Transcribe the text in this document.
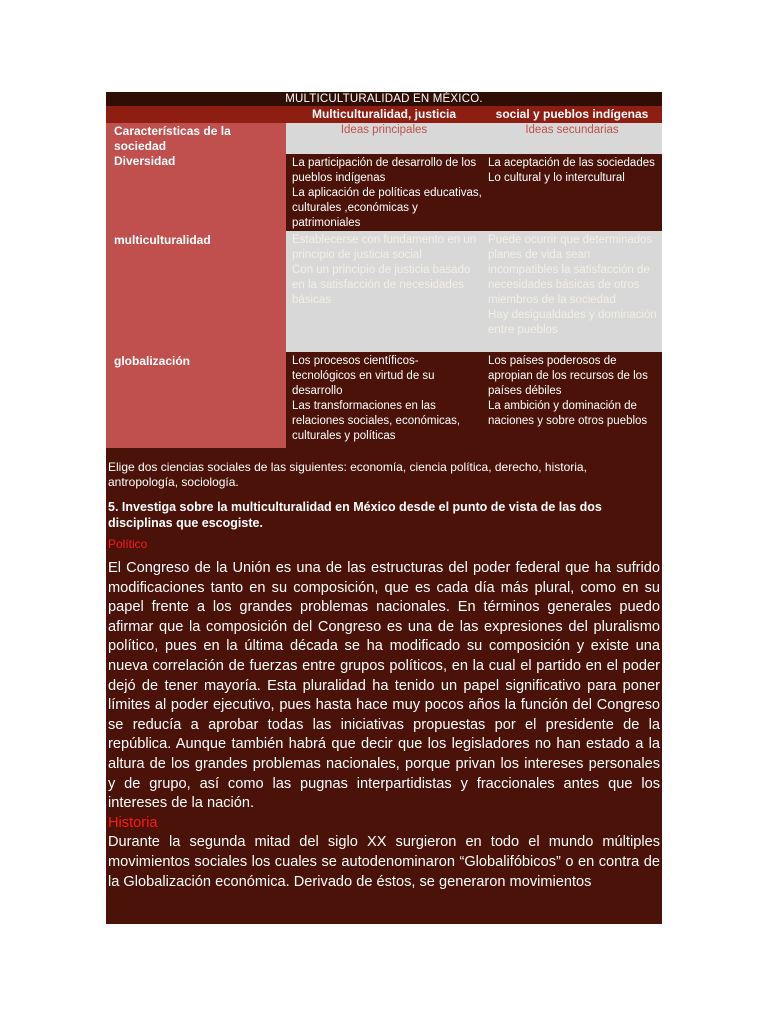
MULTICULTURALIDAD EN MÉXICO.
Multiculturalidad, justicia	social y pueblos indígenas
Características de la sociedad
Diversidad
multiculturalidad
globalización
Ideas principales	Ideas secundarias
La participación de desarrollo de los pueblos indígenas
La aplicación de políticas educativas, culturales ,económicas y patrimoniales
La aceptación de las sociedades
Lo cultural y lo intercultural
Establecerse con fundamento en un principio de justicia social
Con un principio de justicia basado en la satisfacción de necesidades básicas
Puede ocurrir que determinados planes de vida sean incompatibles la satisfacción de necesidades básicas de otros miembros de la sociedad
Hay desigualdades y dominación entre pueblos
Los procesos científicos-tecnológicos en virtud de su desarrollo
Las transformaciones en las relaciones sociales, económicas, culturales y políticas
Los países poderosos de apropian de los recursos de los países débiles
La ambición y dominación de naciones y sobre otros pueblos
Elige dos ciencias sociales de las siguientes: economía, ciencia política, derecho, historia, antropología, sociología.
5. Investiga sobre la multiculturalidad en México desde el punto de vista de las dos disciplinas que escogiste.
Político
El Congreso de la Unión es una de las estructuras del poder federal que ha sufrido modificaciones tanto en su composición, que es cada día más plural, como en su papel frente a los grandes problemas nacionales. En términos generales puedo afirmar que la composición del Congreso es una de las expresiones del pluralismo político, pues en la última década se ha modificado su composición y existe una nueva correlación de fuerzas entre grupos políticos, en la cual el partido en el poder dejó de tener mayoría. Esta pluralidad ha tenido un papel significativo para poner límites al poder ejecutivo, pues hasta hace muy pocos años la función del Congreso se reducía a aprobar todas las iniciativas propuestas por el presidente de la república. Aunque también habrá que decir que los legisladores no han estado a la altura de los grandes problemas nacionales, porque privan los intereses personales y de grupo, así como las pugnas interpartidistas y fraccionales antes que los intereses de la nación.
Historia
Durante la segunda mitad del siglo XX surgieron en todo el mundo múltiples movimientos sociales los cuales se autodenominaron “Globalifóbicos” o en contra de la Globalización económica. Derivado de éstos, se generaron movimientos
